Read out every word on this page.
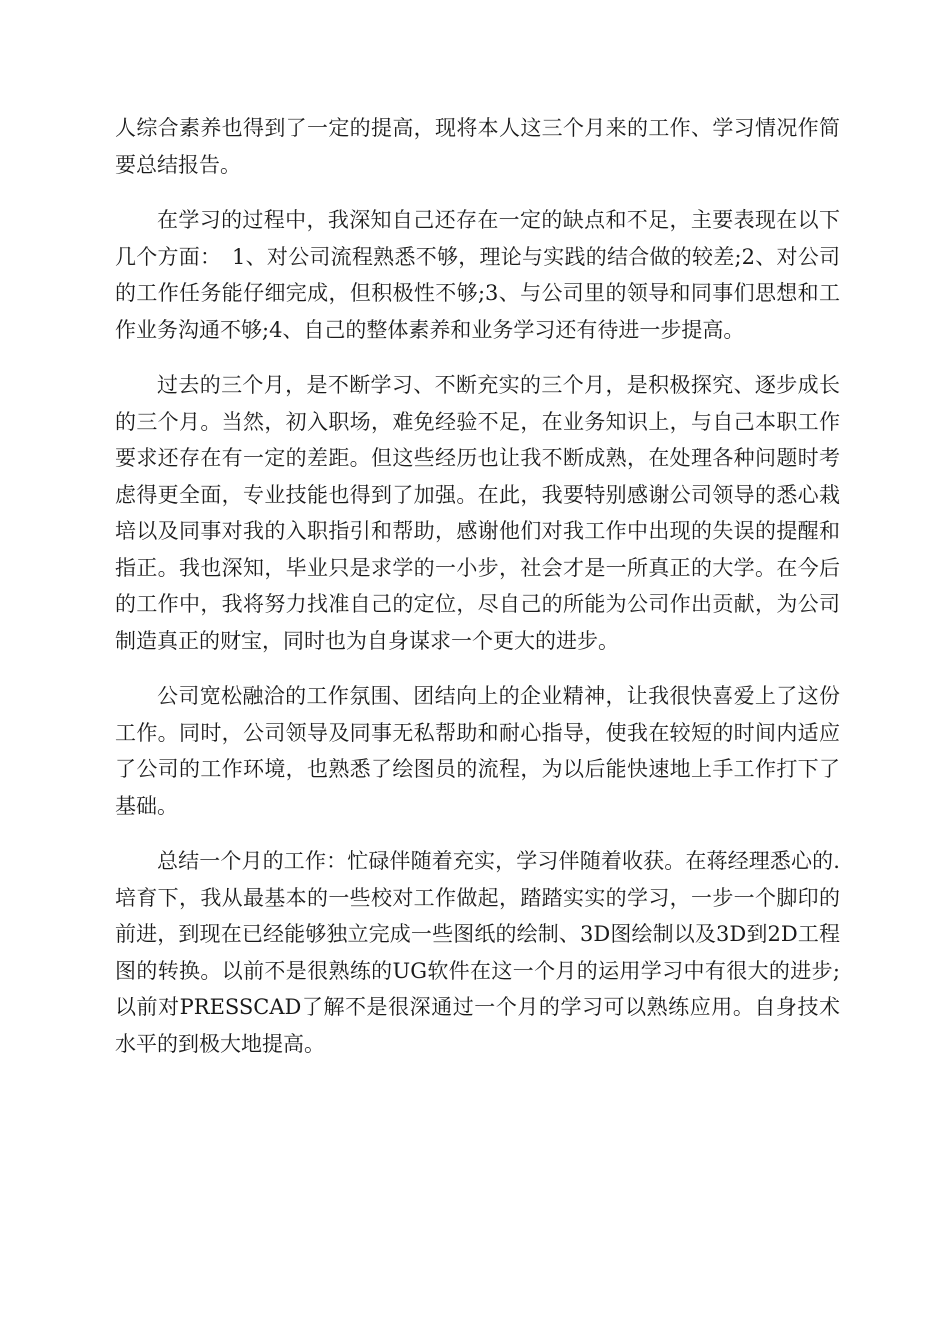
人综合素养也得到了一定的提高，现将本人这三个月来的工作、学习情况作简要总结报告。

在学习的过程中，我深知自己还存在一定的缺点和不足，主要表现在以下几个方面：　1、对公司流程熟悉不够，理论与实践的结合做的较差;2、对公司的工作任务能仔细完成，但积极性不够;3、与公司里的领导和同事们思想和工作业务沟通不够;4、自己的整体素养和业务学习还有待进一步提高。

过去的三个月，是不断学习、不断充实的三个月，是积极探究、逐步成长的三个月。当然，初入职场，难免经验不足，在业务知识上，与自己本职工作要求还存在有一定的差距。但这些经历也让我不断成熟，在处理各种问题时考虑得更全面，专业技能也得到了加强。在此，我要特别感谢公司领导的悉心栽培以及同事对我的入职指引和帮助，感谢他们对我工作中出现的失误的提醒和指正。我也深知，毕业只是求学的一小步，社会才是一所真正的大学。在今后的工作中，我将努力找准自己的定位，尽自己的所能为公司作出贡献，为公司制造真正的财宝，同时也为自身谋求一个更大的进步。

公司宽松融洽的工作氛围、团结向上的企业精神，让我很快喜爱上了这份工作。同时，公司领导及同事无私帮助和耐心指导，使我在较短的时间内适应了公司的工作环境，也熟悉了绘图员的流程，为以后能快速地上手工作打下了基础。

总结一个月的工作：忙碌伴随着充实，学习伴随着收获。在蒋经理悉心的.培育下，我从最基本的一些校对工作做起，踏踏实实的学习，一步一个脚印的前进，到现在已经能够独立完成一些图纸的绘制、3D图绘制以及3D到2D工程图的转换。以前不是很熟练的UG软件在这一个月的运用学习中有很大的进步;以前对PRESSCAD了解不是很深通过一个月的学习可以熟练应用。自身技术水平的到极大地提高。
